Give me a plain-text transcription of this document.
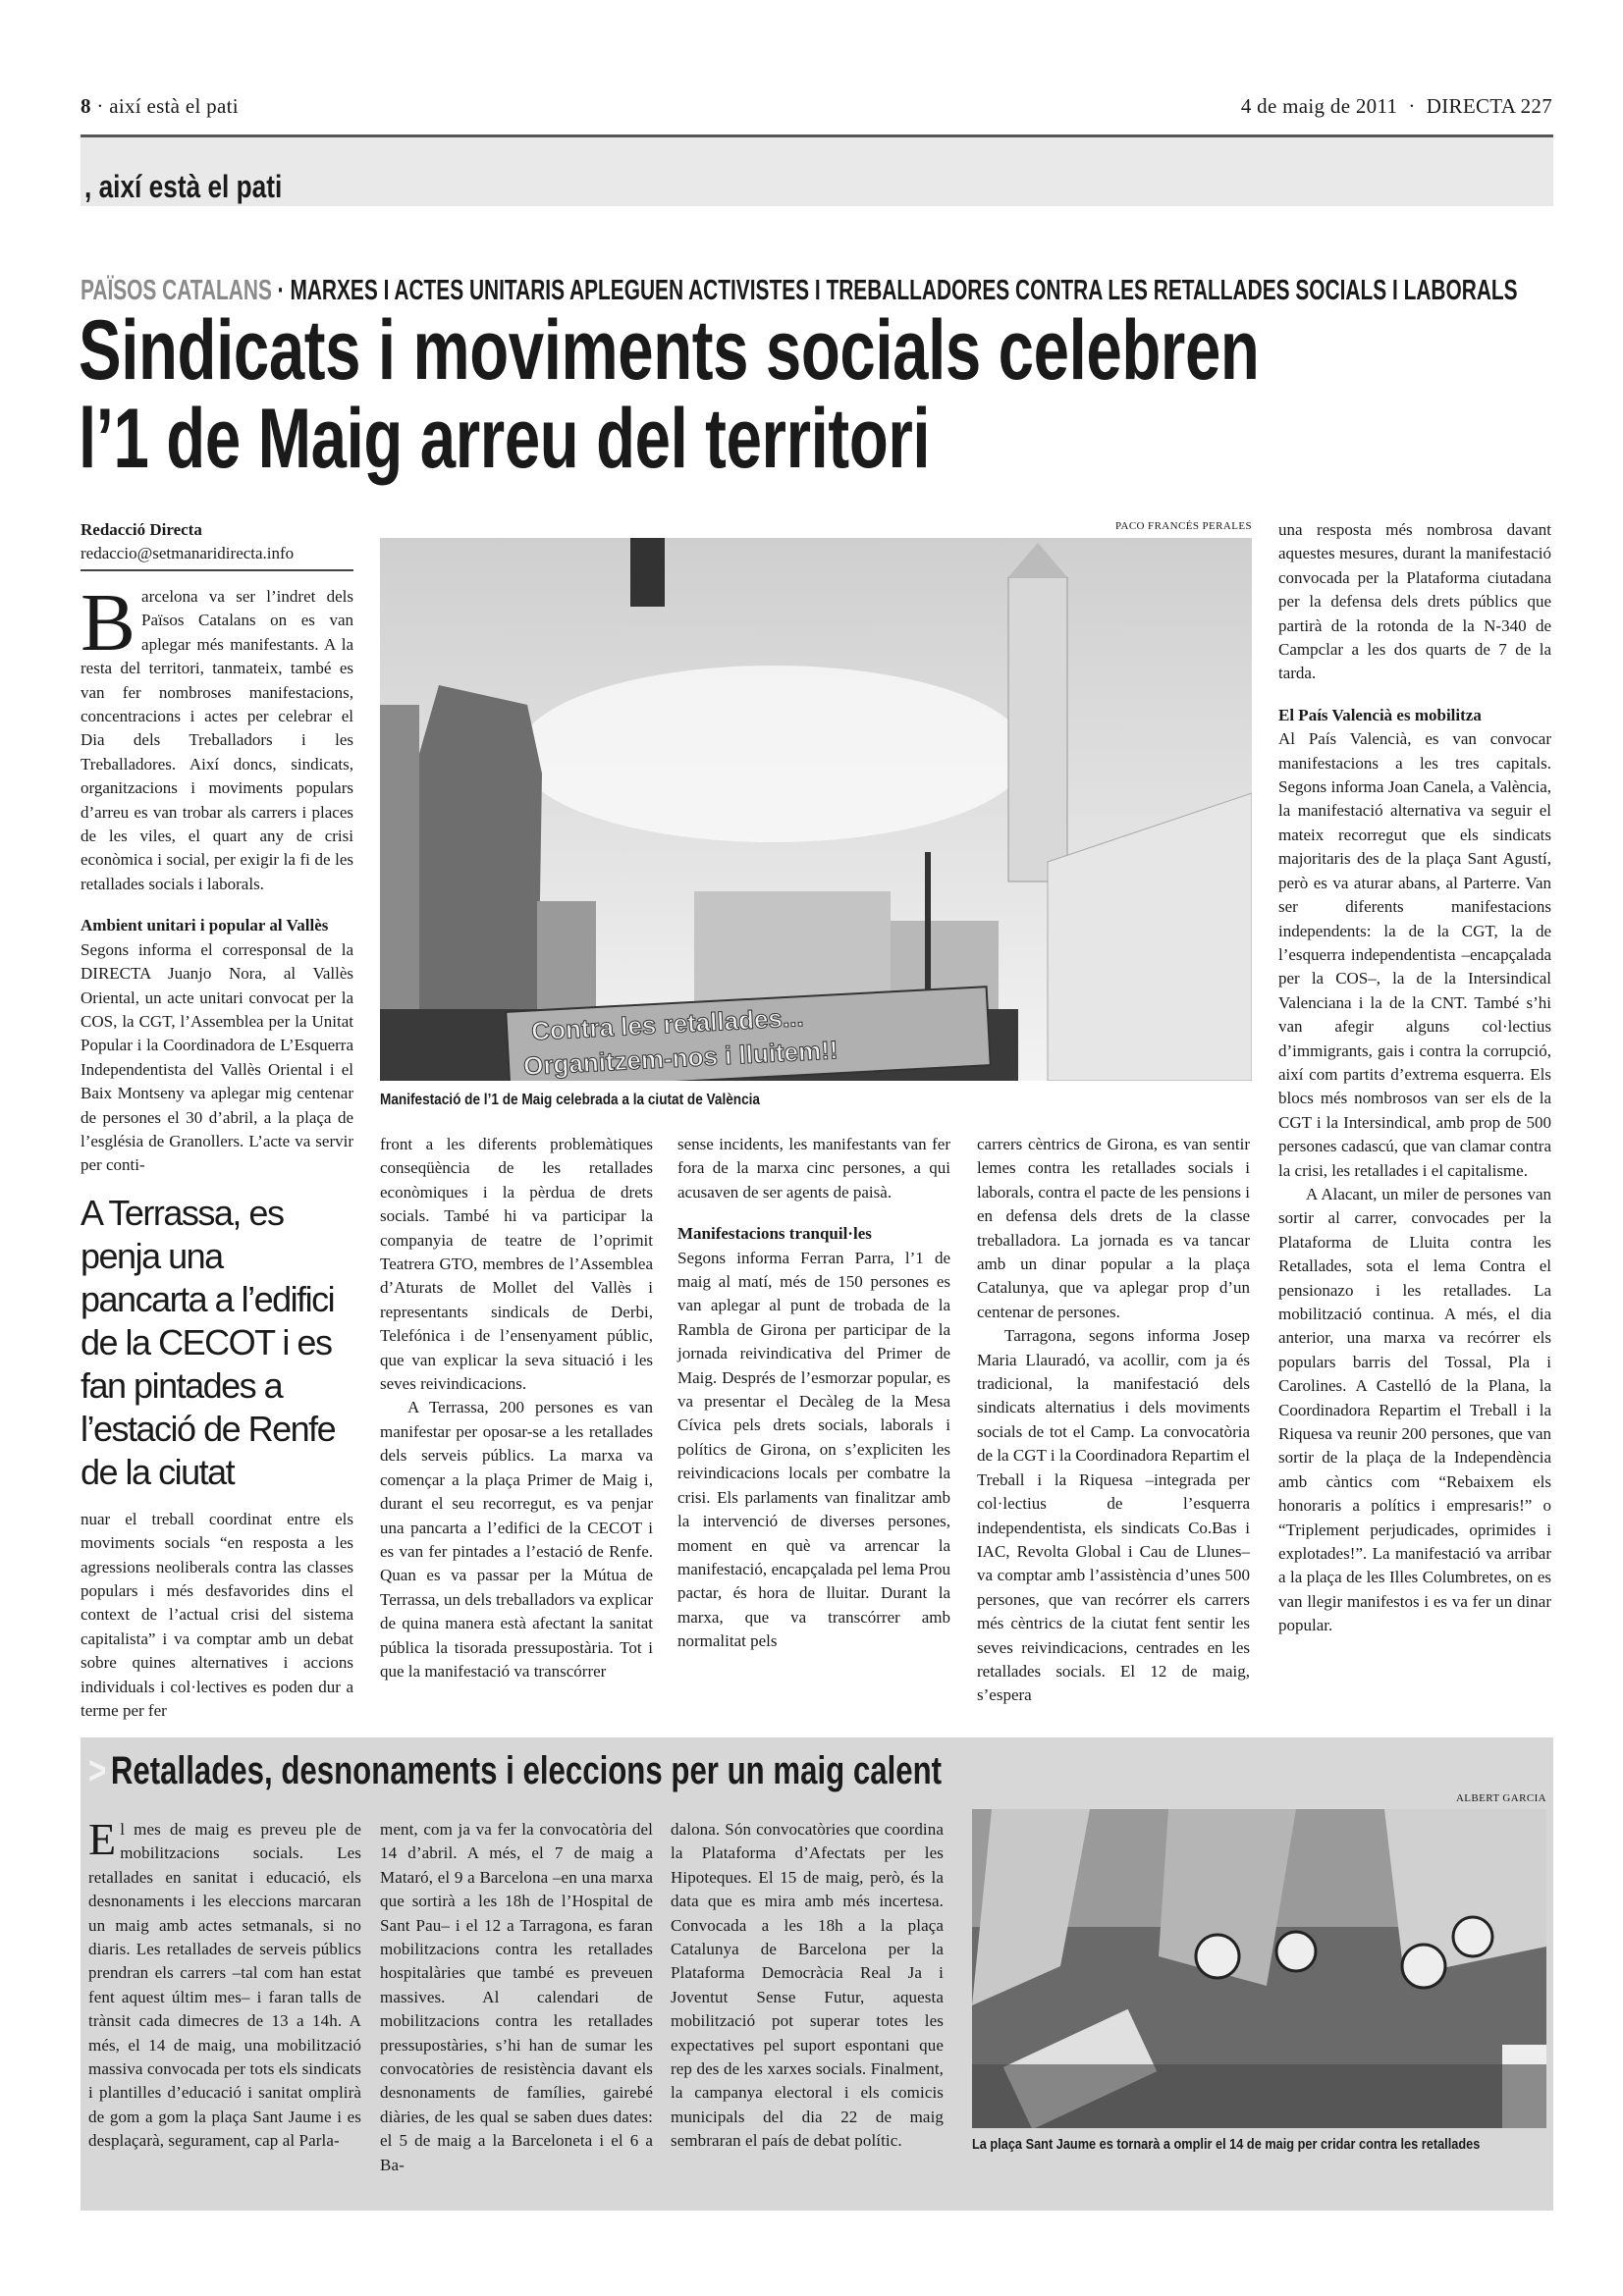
8 · així està el pati	4 de maig de 2011 · DIRECTA 227
, així està el pati
PAÏSOS CATALANS · MARXES I ACTES UNITARIS APLEGUEN ACTIVISTES I TREBALLADORES CONTRA LES RETALLADES SOCIALS I LABORALS
Sindicats i moviments socials celebren
l’1 de Maig arreu del territori
Redacció Directa
redaccio@setmanaridirecta.info

Barcelona va ser l’indret dels Països Catalans on es van aplegar més manifestants. A la resta del territori, tanmateix, també es van fer nombroses manifestacions, concentracions i actes per celebrar el Dia dels Treballadors i les Treballadores. Així doncs, sindicats, organitzacions i moviments populars d’arreu es van trobar als carrers i places de les viles, el quart any de crisi econòmica i social, per exigir la fi de les retallades socials i laborals.

Ambient unitari i popular al Vallès

Segons informa el corresponsal de la DIRECTA Juanjo Nora, al Vallès Oriental, un acte unitari convocat per la COS, la CGT, l’Assemblea per la Unitat Popular i la Coordinadora de L’Esquerra Independentista del Vallès Oriental i el Baix Montseny va aplegar mig centenar de persones el 30 d’abril, a la plaça de l’església de Granollers. L’acte va servir per conti-

A Terrassa, es penja una pancarta a l’edifici de la CECOT i es fan pintades a l’estació de Renfe de la ciutat

nuar el treball coordinat entre els moviments socials “en resposta a les agressions neoliberals contra las classes populars i més desfavorides dins el context de l’actual crisi del sistema capitalista” i va comptar amb un debat sobre quines alternatives i accions individuals i col·lectives es poden dur a terme per fer

PACO FRANCÉS PERALES
Contra les retallades...
Organitzem-nos i lluitem!!
Manifestació de l’1 de Maig celebrada a la ciutat de València

front a les diferents problemàtiques conseqüència de les retallades econòmiques i la pèrdua de drets socials. També hi va participar la companyia de teatre de l’oprimit Teatrera GTO, membres de l’Assemblea d’Aturats de Mollet del Vallès i representants sindicals de Derbi, Telefónica i de l’ensenyament públic, que van explicar la seva situació i les seves reivindicacions.

A Terrassa, 200 persones es van manifestar per oposar-se a les retallades dels serveis públics. La marxa va començar a la plaça Primer de Maig i, durant el seu recorregut, es va penjar una pancarta a l’edifici de la CECOT i es van fer pintades a l’estació de Renfe. Quan es va passar per la Mútua de Terrassa, un dels treballadors va explicar de quina manera està afectant la sanitat pública la tisorada pressupostària. Tot i que la manifestació va transcórrer

sense incidents, les manifestants van fer fora de la marxa cinc persones, a qui acusaven de ser agents de paisà.

Manifestacions tranquil·les

Segons informa Ferran Parra, l’1 de maig al matí, més de 150 persones es van aplegar al punt de trobada de la Rambla de Girona per participar de la jornada reivindicativa del Primer de Maig. Després de l’esmorzar popular, es va presentar el Decàleg de la Mesa Cívica pels drets socials, laborals i polítics de Girona, on s’expliciten les reivindicacions locals per combatre la crisi. Els parlaments van finalitzar amb la intervenció de diverses persones, moment en què va arrencar la manifestació, encapçalada pel lema Prou pactar, és hora de lluitar. Durant la marxa, que va transcórrer amb normalitat pels

carrers cèntrics de Girona, es van sentir lemes contra les retallades socials i laborals, contra el pacte de les pensions i en defensa dels drets de la classe treballadora. La jornada es va tancar amb un dinar popular a la plaça Catalunya, que va aplegar prop d’un centenar de persones.

Tarragona, segons informa Josep Maria Llauradó, va acollir, com ja és tradicional, la manifestació dels sindicats alternatius i dels moviments socials de tot el Camp. La convocatòria de la CGT i la Coordinadora Repartim el Treball i la Riquesa –integrada per col·lectius de l’esquerra independentista, els sindicats Co.Bas i IAC, Revolta Global i Cau de Llunes– va comptar amb l’assistència d’unes 500 persones, que van recórrer els carrers més cèntrics de la ciutat fent sentir les seves reivindicacions, centrades en les retallades socials. El 12 de maig, s’espera

una resposta més nombrosa davant aquestes mesures, durant la manifestació convocada per la Plataforma ciutadana per la defensa dels drets públics que partirà de la rotonda de la N-340 de Campclar a les dos quarts de 7 de la tarda.

El País Valencià es mobilitza

Al País Valencià, es van convocar manifestacions a les tres capitals. Segons informa Joan Canela, a València, la manifestació alternativa va seguir el mateix recorregut que els sindicats majoritaris des de la plaça Sant Agustí, però es va aturar abans, al Parterre. Van ser diferents manifestacions independents: la de la CGT, la de l’esquerra independentista –encapçalada per la COS–, la de la Intersindical Valenciana i la de la CNT. També s’hi van afegir alguns col·lectius d’immigrants, gais i contra la corrupció, així com partits d’extrema esquerra. Els blocs més nombrosos van ser els de la CGT i la Intersindical, amb prop de 500 persones cadascú, que van clamar contra la crisi, les retallades i el capitalisme.

A Alacant, un miler de persones van sortir al carrer, convocades per la Plataforma de Lluita contra les Retallades, sota el lema Contra el pensionazo i les retallades. La mobilització continua. A més, el dia anterior, una marxa va recórrer els populars barris del Tossal, Pla i Carolines. A Castelló de la Plana, la Coordinadora Repartim el Treball i la Riquesa va reunir 200 persones, que van sortir de la plaça de la Independència amb càntics com “Rebaixem els honoraris a polítics i empresaris!” o “Triplement perjudicades, oprimides i explotades!”. La manifestació va arribar a la plaça de les Illes Columbretes, on es van llegir manifestos i es va fer un dinar popular.

> Retallades, desnonaments i eleccions per un maig calent

El mes de maig es preveu ple de mobilitzacions socials. Les retallades en sanitat i educació, els desnonaments i les eleccions marcaran un maig amb actes setmanals, si no diaris. Les retallades de serveis públics prendran els carrers –tal com han estat fent aquest últim mes– i faran talls de trànsit cada dimecres de 13 a 14h. A més, el 14 de maig, una mobilització massiva convocada per tots els sindicats i plantilles d’educació i sanitat omplirà de gom a gom la plaça Sant Jaume i es desplaçarà, segurament, cap al Parla-

ment, com ja va fer la convocatòria del 14 d’abril. A més, el 7 de maig a Mataró, el 9 a Barcelona –en una marxa que sortirà a les 18h de l’Hospital de Sant Pau– i el 12 a Tarragona, es faran mobilitzacions contra les retallades hospitalàries que també es preveuen massives. Al calendari de mobilitzacions contra les retallades pressupostàries, s’hi han de sumar les convocatòries de resistència davant els desnonaments de famílies, gairebé diàries, de les qual se saben dues dates: el 5 de maig a la Barceloneta i el 6 a Ba-

dalona. Són convocatòries que coordina la Plataforma d’Afectats per les Hipoteques. El 15 de maig, però, és la data que es mira amb més incertesa. Convocada a les 18h a la plaça Catalunya de Barcelona per la Plataforma Democràcia Real Ja i Joventut Sense Futur, aquesta mobilització pot superar totes les expectatives pel suport espontani que rep des de les xarxes socials. Finalment, la campanya electoral i els comicis municipals del dia 22 de maig sembraran el país de debat polític.

ALBERT GARCIA
La plaça Sant Jaume es tornarà a omplir el 14 de maig per cridar contra les retallades
